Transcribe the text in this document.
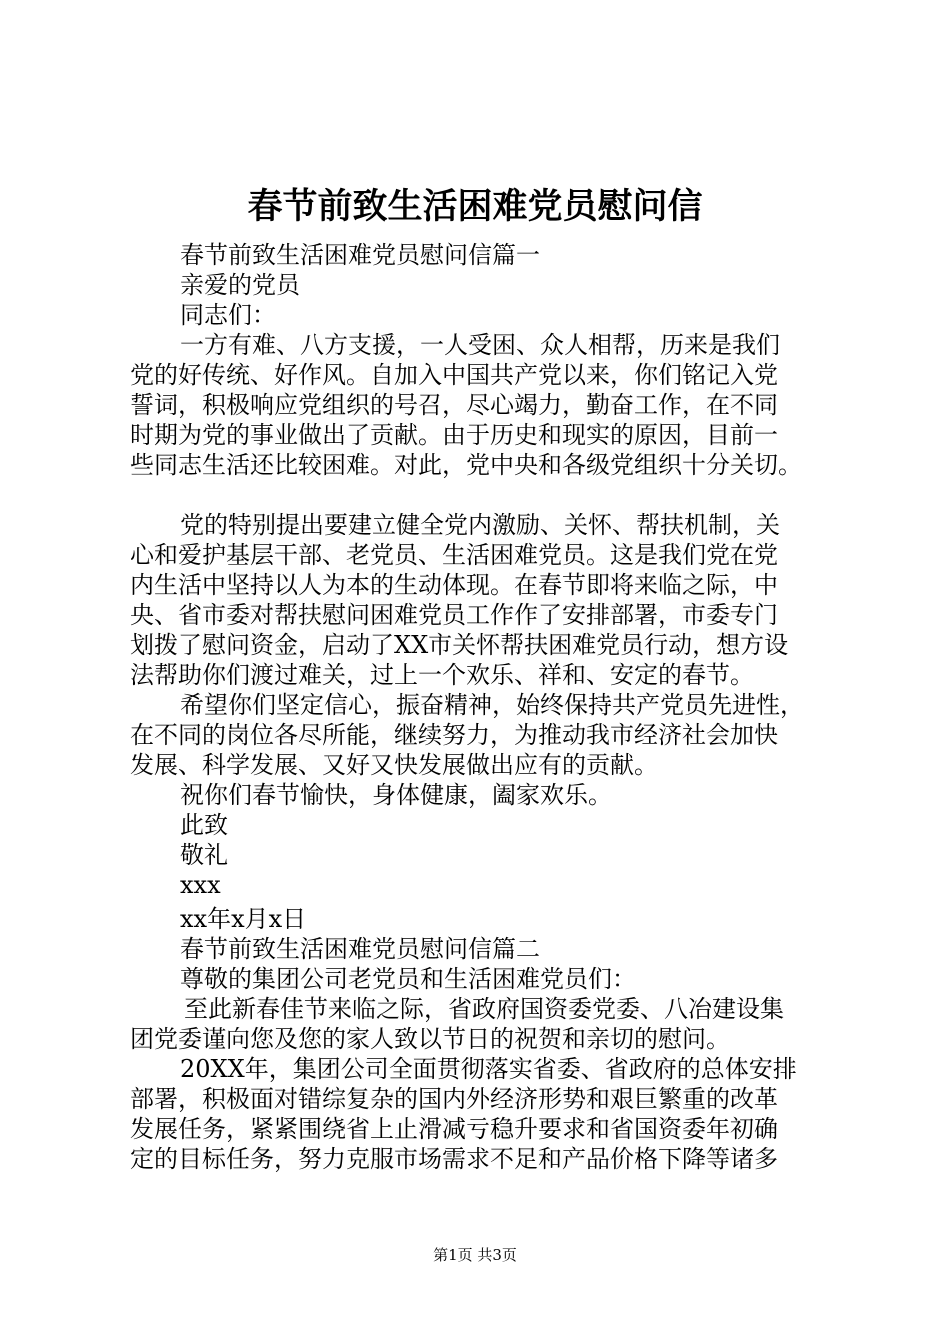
春节前致生活困难党员慰问信
春节前致生活困难党员慰问信篇一
亲爱的党员
同志们：
一方有难、八方支援，一人受困、众人相帮，历来是我们
党的好传统、好作风。自加入中国共产党以来，你们铭记入党
誓词，积极响应党组织的号召，尽心竭力，勤奋工作，在不同
时期为党的事业做出了贡献。由于历史和现实的原因，目前一
些同志生活还比较困难。对此，党中央和各级党组织十分关切。
党的特别提出要建立健全党内激励、关怀、帮扶机制，关
心和爱护基层干部、老党员、生活困难党员。这是我们党在党
内生活中坚持以人为本的生动体现。在春节即将来临之际，中
央、省市委对帮扶慰问困难党员工作作了安排部署，市委专门
划拨了慰问资金，启动了XX市关怀帮扶困难党员行动，想方设
法帮助你们渡过难关，过上一个欢乐、祥和、安定的春节。
希望你们坚定信心，振奋精神，始终保持共产党员先进性，
在不同的岗位各尽所能，继续努力，为推动我市经济社会加快
发展、科学发展、又好又快发展做出应有的贡献。
祝你们春节愉快，身体健康，阖家欢乐。
此致
敬礼
xxx
xx年x月x日
春节前致生活困难党员慰问信篇二
尊敬的集团公司老党员和生活困难党员们：
至此新春佳节来临之际，省政府国资委党委、八冶建设集
团党委谨向您及您的家人致以节日的祝贺和亲切的慰问。
20XX年，集团公司全面贯彻落实省委、省政府的总体安排
部署，积极面对错综复杂的国内外经济形势和艰巨繁重的改革
发展任务，紧紧围绕省上止滑减亏稳升要求和省国资委年初确
定的目标任务，努力克服市场需求不足和产品价格下降等诸多
第1页 共3页
